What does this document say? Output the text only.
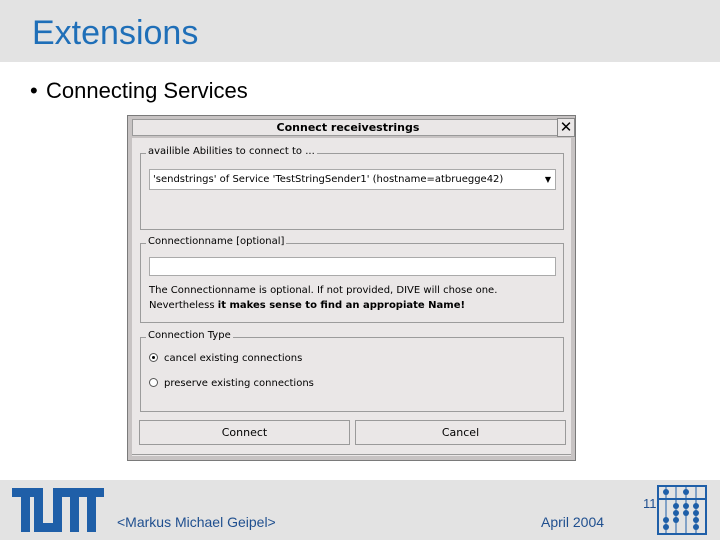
Extensions
• Connecting Services
Connect receivestrings	✕
availible Abilities to connect to ...
'sendstrings' of Service 'TestStringSender1' (hostname=atbruegge42)	▼
Connectionname [optional]
The Connectionname is optional. If not provided, DIVE will chose one.
Nevertheless it makes sense to find an appropiate Name!
Connection Type
cancel existing connections
preserve existing connections
Connect	Cancel
<Markus Michael Geipel>	April 2004
11
